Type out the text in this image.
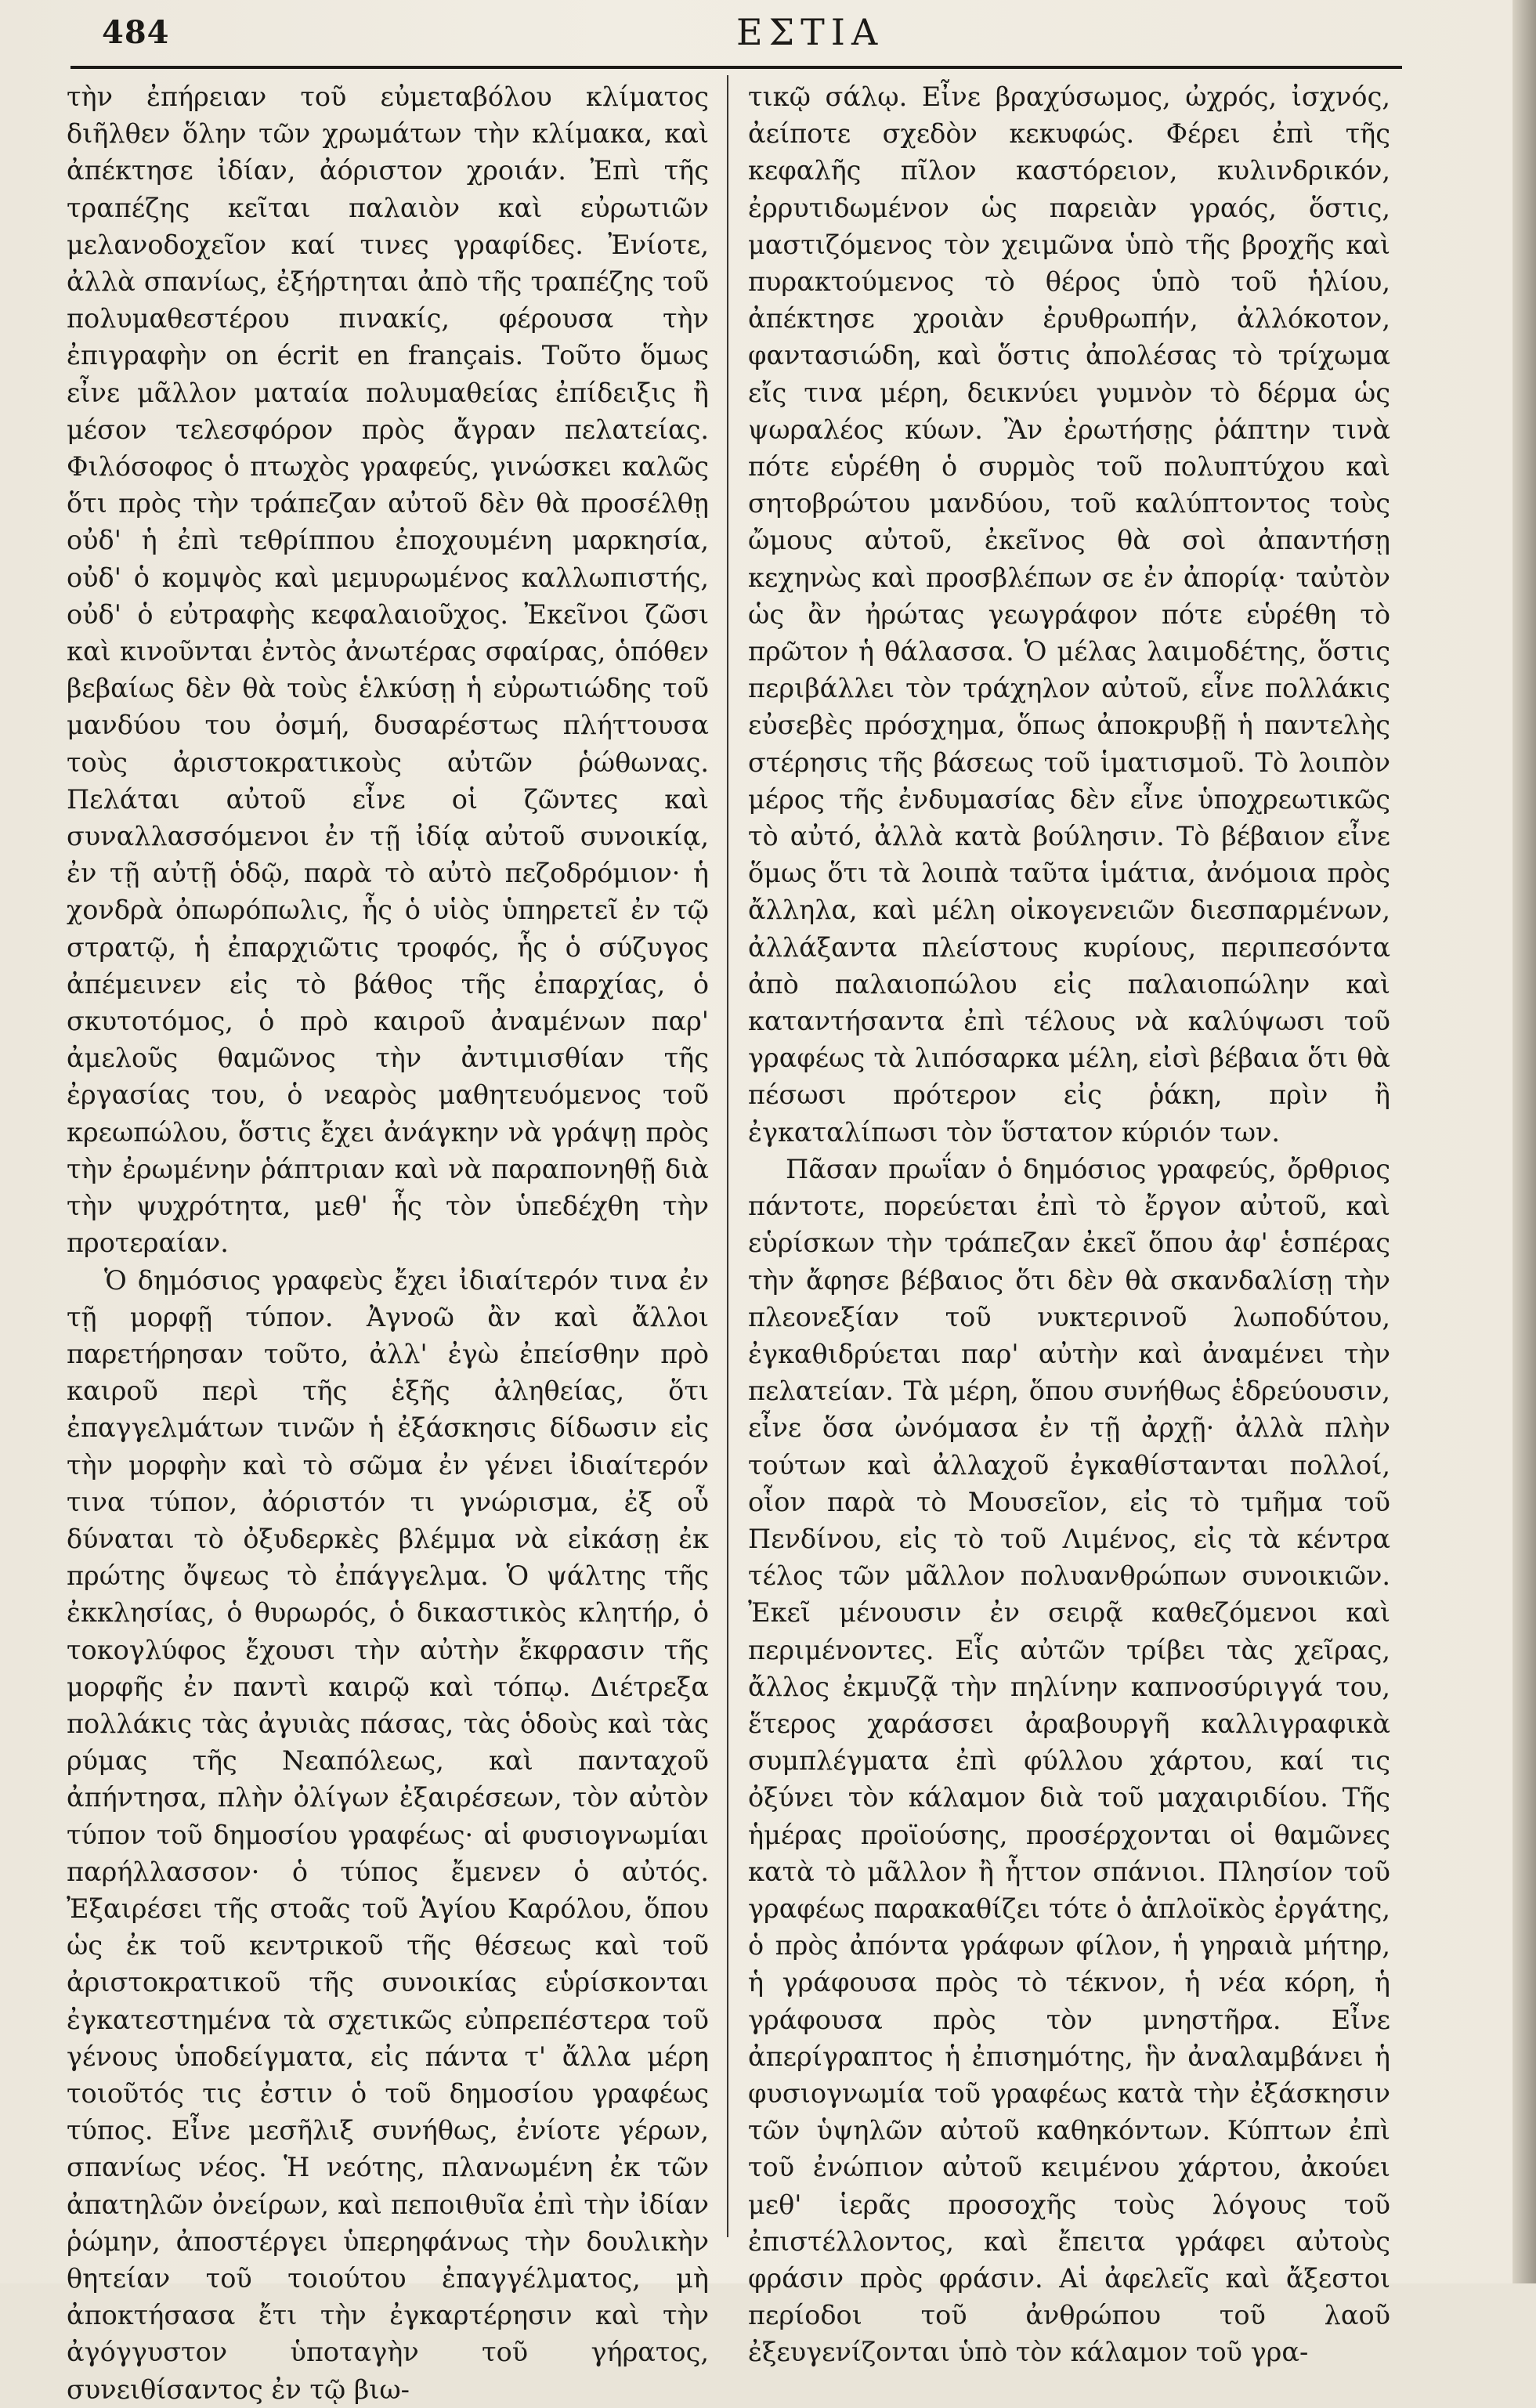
484	ΕΣΤΙΑ

τὴν ἐπήρειαν τοῦ εὐμεταβόλου κλίματος διῆλθεν ὅλην τῶν χρωμάτων τὴν κλίμακα, καὶ ἀπέκτησε ἰδίαν, ἀόριστον χροιάν. Ἐπὶ τῆς τραπέζης κεῖται παλαιὸν καὶ εὐρωτιῶν μελανοδοχεῖον καί τινες γραφίδες. Ἐνίοτε, ἀλλὰ σπανίως, ἐξήρτηται ἀπὸ τῆς τραπέζης τοῦ πολυμαθεστέρου πινακίς, φέρουσα τὴν ἐπιγραφὴν on écrit en français. Τοῦτο ὅμως εἶνε μᾶλλον ματαία πολυμαθείας ἐπίδειξις ἢ μέσον τελεσφόρον πρὸς ἄγραν πελατείας. Φιλόσοφος ὁ πτωχὸς γραφεύς, γινώσκει καλῶς ὅτι πρὸς τὴν τράπεζαν αὐτοῦ δὲν θὰ προσέλθῃ οὐδ' ἡ ἐπὶ τεθρίππου ἐποχουμένη μαρκησία, οὐδ' ὁ κομψὸς καὶ μεμυρωμένος καλλωπιστής, οὐδ' ὁ εὐτραφὴς κεφαλαιοῦχος. Ἐκεῖνοι ζῶσι καὶ κινοῦνται ἐντὸς ἀνωτέρας σφαίρας, ὁπόθεν βεβαίως δὲν θὰ τοὺς ἑλκύσῃ ἡ εὐρωτιώδης τοῦ μανδύου του ὀσμή, δυσαρέστως πλήττουσα τοὺς ἀριστοκρατικοὺς αὐτῶν ῥώθωνας. Πελάται αὐτοῦ εἶνε οἱ ζῶντες καὶ συναλλασσόμενοι ἐν τῇ ἰδίᾳ αὐτοῦ συνοικίᾳ, ἐν τῇ αὐτῇ ὁδῷ, παρὰ τὸ αὐτὸ πεζοδρόμιον· ἡ χονδρὰ ὀπωρόπωλις, ἧς ὁ υἱὸς ὑπηρετεῖ ἐν τῷ στρατῷ, ἡ ἐπαρχιῶτις τροφός, ἧς ὁ σύζυγος ἀπέμεινεν εἰς τὸ βάθος τῆς ἐπαρχίας, ὁ σκυτοτόμος, ὁ πρὸ καιροῦ ἀναμένων παρ' ἀμελοῦς θαμῶνος τὴν ἀντιμισθίαν τῆς ἐργασίας του, ὁ νεαρὸς μαθητευόμενος τοῦ κρεωπώλου, ὅστις ἔχει ἀνάγκην νὰ γράψῃ πρὸς τὴν ἐρωμένην ῥάπτριαν καὶ νὰ παραπονηθῇ διὰ τὴν ψυχρότητα, μεθ' ἧς τὸν ὑπεδέχθη τὴν προτεραίαν.

Ὁ δημόσιος γραφεὺς ἔχει ἰδιαίτερόν τινα ἐν τῇ μορφῇ τύπον. Ἀγνοῶ ἂν καὶ ἄλλοι παρετήρησαν τοῦτο, ἀλλ' ἐγὼ ἐπείσθην πρὸ καιροῦ περὶ τῆς ἑξῆς ἀληθείας, ὅτι ἐπαγγελμάτων τινῶν ἡ ἐξάσκησις δίδωσιν εἰς τὴν μορφὴν καὶ τὸ σῶμα ἐν γένει ἰδιαίτερόν τινα τύπον, ἀόριστόν τι γνώρισμα, ἐξ οὗ δύναται τὸ ὀξυδερκὲς βλέμμα νὰ εἰκάσῃ ἐκ πρώτης ὄψεως τὸ ἐπάγγελμα. Ὁ ψάλτης τῆς ἐκκλησίας, ὁ θυρωρός, ὁ δικαστικὸς κλητήρ, ὁ τοκογλύφος ἔχουσι τὴν αὐτὴν ἔκφρασιν τῆς μορφῆς ἐν παντὶ καιρῷ καὶ τόπῳ. Διέτρεξα πολλάκις τὰς ἀγυιὰς πάσας, τὰς ὁδοὺς καὶ τὰς ρύμας τῆς Νεαπόλεως, καὶ πανταχοῦ ἀπήντησα, πλὴν ὀλίγων ἐξαιρέσεων, τὸν αὐτὸν τύπον τοῦ δημοσίου γραφέως· αἱ φυσιογνωμίαι παρήλλασσον· ὁ τύπος ἔμενεν ὁ αὐτός. Ἐξαιρέσει τῆς στοᾶς τοῦ Ἁγίου Καρόλου, ὅπου ὡς ἐκ τοῦ κεντρικοῦ τῆς θέσεως καὶ τοῦ ἀριστοκρατικοῦ τῆς συνοικίας εὑρίσκονται ἐγκατεστημένα τὰ σχετικῶς εὐπρεπέστερα τοῦ γένους ὑποδείγματα, εἰς πάντα τ' ἄλλα μέρη τοιοῦτός τις ἐστιν ὁ τοῦ δημοσίου γραφέως τύπος. Εἶνε μεσῆλιξ συνήθως, ἐνίοτε γέρων, σπανίως νέος. Ἡ νεότης, πλανωμένη ἐκ τῶν ἀπατηλῶν ὀνείρων, καὶ πεποιθυῖα ἐπὶ τὴν ἰδίαν ῥώμην, ἀποστέργει ὑπερηφάνως τὴν δουλικὴν θητείαν τοῦ τοιούτου ἐπαγγέλματος, μὴ ἀποκτήσασα ἔτι τὴν ἐγκαρτέρησιν καὶ τὴν ἀγόγγυστον ὑποταγὴν τοῦ γήρατος, συνειθίσαντος ἐν τῷ βιω-

τικῷ σάλῳ. Εἶνε βραχύσωμος, ὠχρός, ἰσχνός, ἀείποτε σχεδὸν κεκυφώς. Φέρει ἐπὶ τῆς κεφαλῆς πῖλον καστόρειον, κυλινδρικόν, ἐρρυτιδωμένον ὡς παρειὰν γραός, ὅστις, μαστιζόμενος τὸν χειμῶνα ὑπὸ τῆς βροχῆς καὶ πυρακτούμενος τὸ θέρος ὑπὸ τοῦ ἡλίου, ἀπέκτησε χροιὰν ἐρυθρωπήν, ἀλλόκοτον, φαντασιώδη, καὶ ὅστις ἀπολέσας τὸ τρίχωμα εἴς τινα μέρη, δεικνύει γυμνὸν τὸ δέρμα ὡς ψωραλέος κύων. Ἂν ἐρωτήσῃς ῥάπτην τινὰ πότε εὑρέθη ὁ συρμὸς τοῦ πολυπτύχου καὶ σητοβρώτου μανδύου, τοῦ καλύπτοντος τοὺς ὤμους αὐτοῦ, ἐκεῖνος θὰ σοὶ ἀπαντήσῃ κεχηνὼς καὶ προσβλέπων σε ἐν ἀπορίᾳ· ταὐτὸν ὡς ἂν ἠρώτας γεωγράφον πότε εὑρέθη τὸ πρῶτον ἡ θάλασσα. Ὁ μέλας λαιμοδέτης, ὅστις περιβάλλει τὸν τράχηλον αὐτοῦ, εἶνε πολλάκις εὐσεβὲς πρόσχημα, ὅπως ἀποκρυβῇ ἡ παντελὴς στέρησις τῆς βάσεως τοῦ ἱματισμοῦ. Τὸ λοιπὸν μέρος τῆς ἐνδυμασίας δὲν εἶνε ὑποχρεωτικῶς τὸ αὐτό, ἀλλὰ κατὰ βούλησιν. Τὸ βέβαιον εἶνε ὅμως ὅτι τὰ λοιπὰ ταῦτα ἱμάτια, ἀνόμοια πρὸς ἄλληλα, καὶ μέλη οἰκογενειῶν διεσπαρμένων, ἀλλάξαντα πλείστους κυρίους, περιπεσόντα ἀπὸ παλαιοπώλου εἰς παλαιοπώλην καὶ καταντήσαντα ἐπὶ τέλους νὰ καλύψωσι τοῦ γραφέως τὰ λιπόσαρκα μέλη, εἰσὶ βέβαια ὅτι θὰ πέσωσι πρότερον εἰς ῥάκη, πρὶν ἢ ἐγκαταλίπωσι τὸν ὕστατον κύριόν των.

Πᾶσαν πρωΐαν ὁ δημόσιος γραφεύς, ὄρθριος πάντοτε, πορεύεται ἐπὶ τὸ ἔργον αὐτοῦ, καὶ εὑρίσκων τὴν τράπεζαν ἐκεῖ ὅπου ἀφ' ἑσπέρας τὴν ἄφησε βέβαιος ὅτι δὲν θὰ σκανδαλίσῃ τὴν πλεονεξίαν τοῦ νυκτερινοῦ λωποδύτου, ἐγκαθιδρύεται παρ' αὐτὴν καὶ ἀναμένει τὴν πελατείαν. Τὰ μέρη, ὅπου συνήθως ἑδρεύουσιν, εἶνε ὅσα ὠνόμασα ἐν τῇ ἀρχῇ· ἀλλὰ πλὴν τούτων καὶ ἀλλαχοῦ ἐγκαθίστανται πολλοί, οἷον παρὰ τὸ Μουσεῖον, εἰς τὸ τμῆμα τοῦ Πενδίνου, εἰς τὸ τοῦ Λιμένος, εἰς τὰ κέντρα τέλος τῶν μᾶλλον πολυανθρώπων συνοικιῶν. Ἐκεῖ μένουσιν ἐν σειρᾷ καθεζόμενοι καὶ περιμένοντες. Εἷς αὐτῶν τρίβει τὰς χεῖρας, ἄλλος ἐκμυζᾷ τὴν πηλίνην καπνοσύριγγά του, ἕτερος χαράσσει ἀραβουργῆ καλλιγραφικὰ συμπλέγματα ἐπὶ φύλλου χάρτου, καί τις ὀξύνει τὸν κάλαμον διὰ τοῦ μαχαιριδίου. Τῆς ἡμέρας προϊούσης, προσέρχονται οἱ θαμῶνες κατὰ τὸ μᾶλλον ἢ ἧττον σπάνιοι. Πλησίον τοῦ γραφέως παρακαθίζει τότε ὁ ἁπλοϊκὸς ἐργάτης, ὁ πρὸς ἀπόντα γράφων φίλον, ἡ γηραιὰ μήτηρ, ἡ γράφουσα πρὸς τὸ τέκνον, ἡ νέα κόρη, ἡ γράφουσα πρὸς τὸν μνηστῆρα. Εἶνε ἀπερίγραπτος ἡ ἐπισημότης, ἣν ἀναλαμβάνει ἡ φυσιογνωμία τοῦ γραφέως κατὰ τὴν ἐξάσκησιν τῶν ὑψηλῶν αὐτοῦ καθηκόντων. Κύπτων ἐπὶ τοῦ ἐνώπιον αὐτοῦ κειμένου χάρτου, ἀκούει μεθ' ἱερᾶς προσοχῆς τοὺς λόγους τοῦ ἐπιστέλλοντος, καὶ ἔπειτα γράφει αὐτοὺς φράσιν πρὸς φράσιν. Αἱ ἀφελεῖς καὶ ἄξεστοι περίοδοι τοῦ ἀνθρώπου τοῦ λαοῦ ἐξευγενίζονται ὑπὸ τὸν κάλαμον τοῦ γρα-
